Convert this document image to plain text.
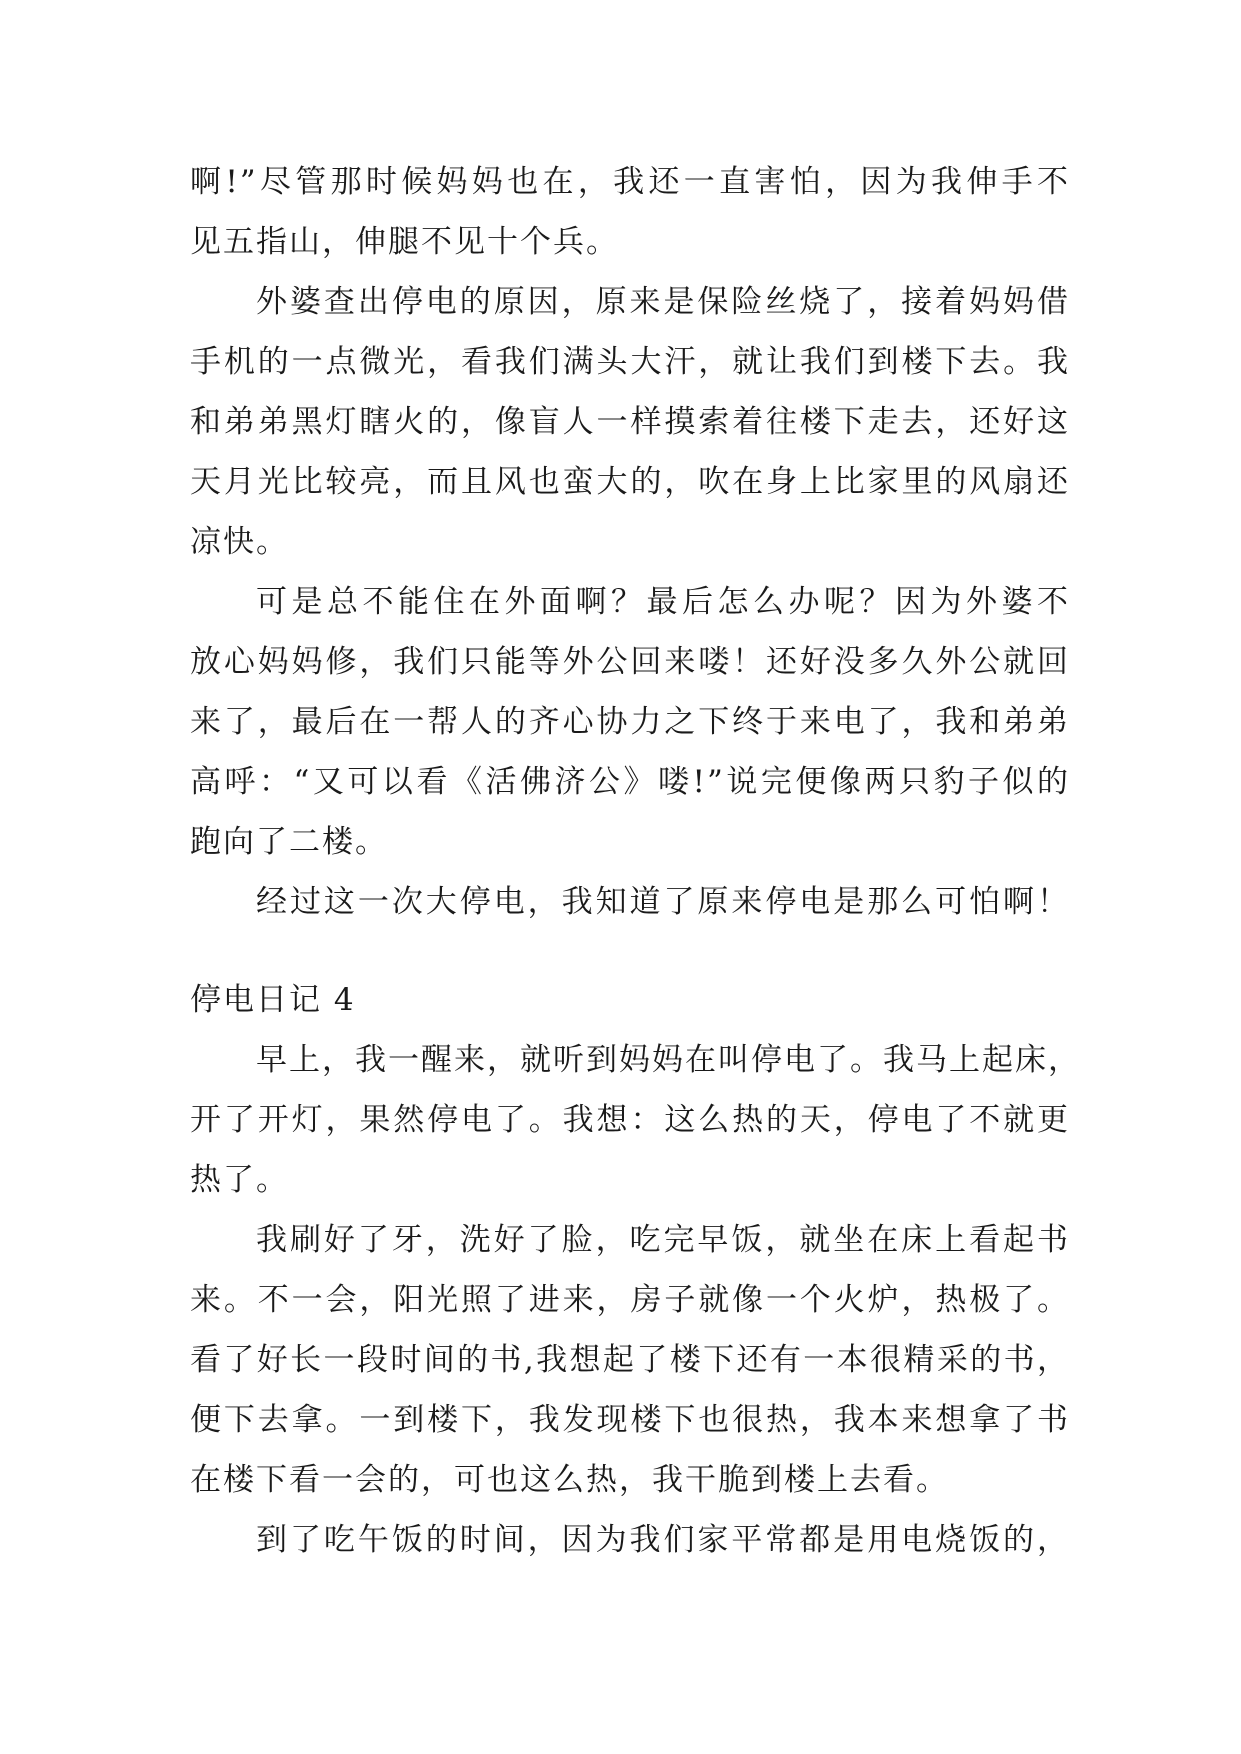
啊!”尽管那时候妈妈也在，我还一直害怕，因为我伸手不
见五指山，伸腿不见十个兵。
外婆查出停电的原因，原来是保险丝烧了，接着妈妈借
手机的一点微光，看我们满头大汗，就让我们到楼下去。我
和弟弟黑灯瞎火的，像盲人一样摸索着往楼下走去，还好这
天月光比较亮，而且风也蛮大的，吹在身上比家里的风扇还
凉快。
可是总不能住在外面啊？最后怎么办呢？因为外婆不
放心妈妈修，我们只能等外公回来喽！还好没多久外公就回
来了，最后在一帮人的齐心协力之下终于来电了，我和弟弟
高呼：“又可以看《活佛济公》喽!”说完便像两只豹子似的
跑向了二楼。
经过这一次大停电，我知道了原来停电是那么可怕啊！
停电日记 4
早上，我一醒来，就听到妈妈在叫停电了。我马上起床，
开了开灯，果然停电了。我想：这么热的天，停电了不就更
热了。
我刷好了牙，洗好了脸，吃完早饭，就坐在床上看起书
来。不一会，阳光照了进来，房子就像一个火炉，热极了。
看了好长一段时间的书,我想起了楼下还有一本很精采的书，
便下去拿。一到楼下，我发现楼下也很热，我本来想拿了书
在楼下看一会的，可也这么热，我干脆到楼上去看。
到了吃午饭的时间，因为我们家平常都是用电烧饭的，
